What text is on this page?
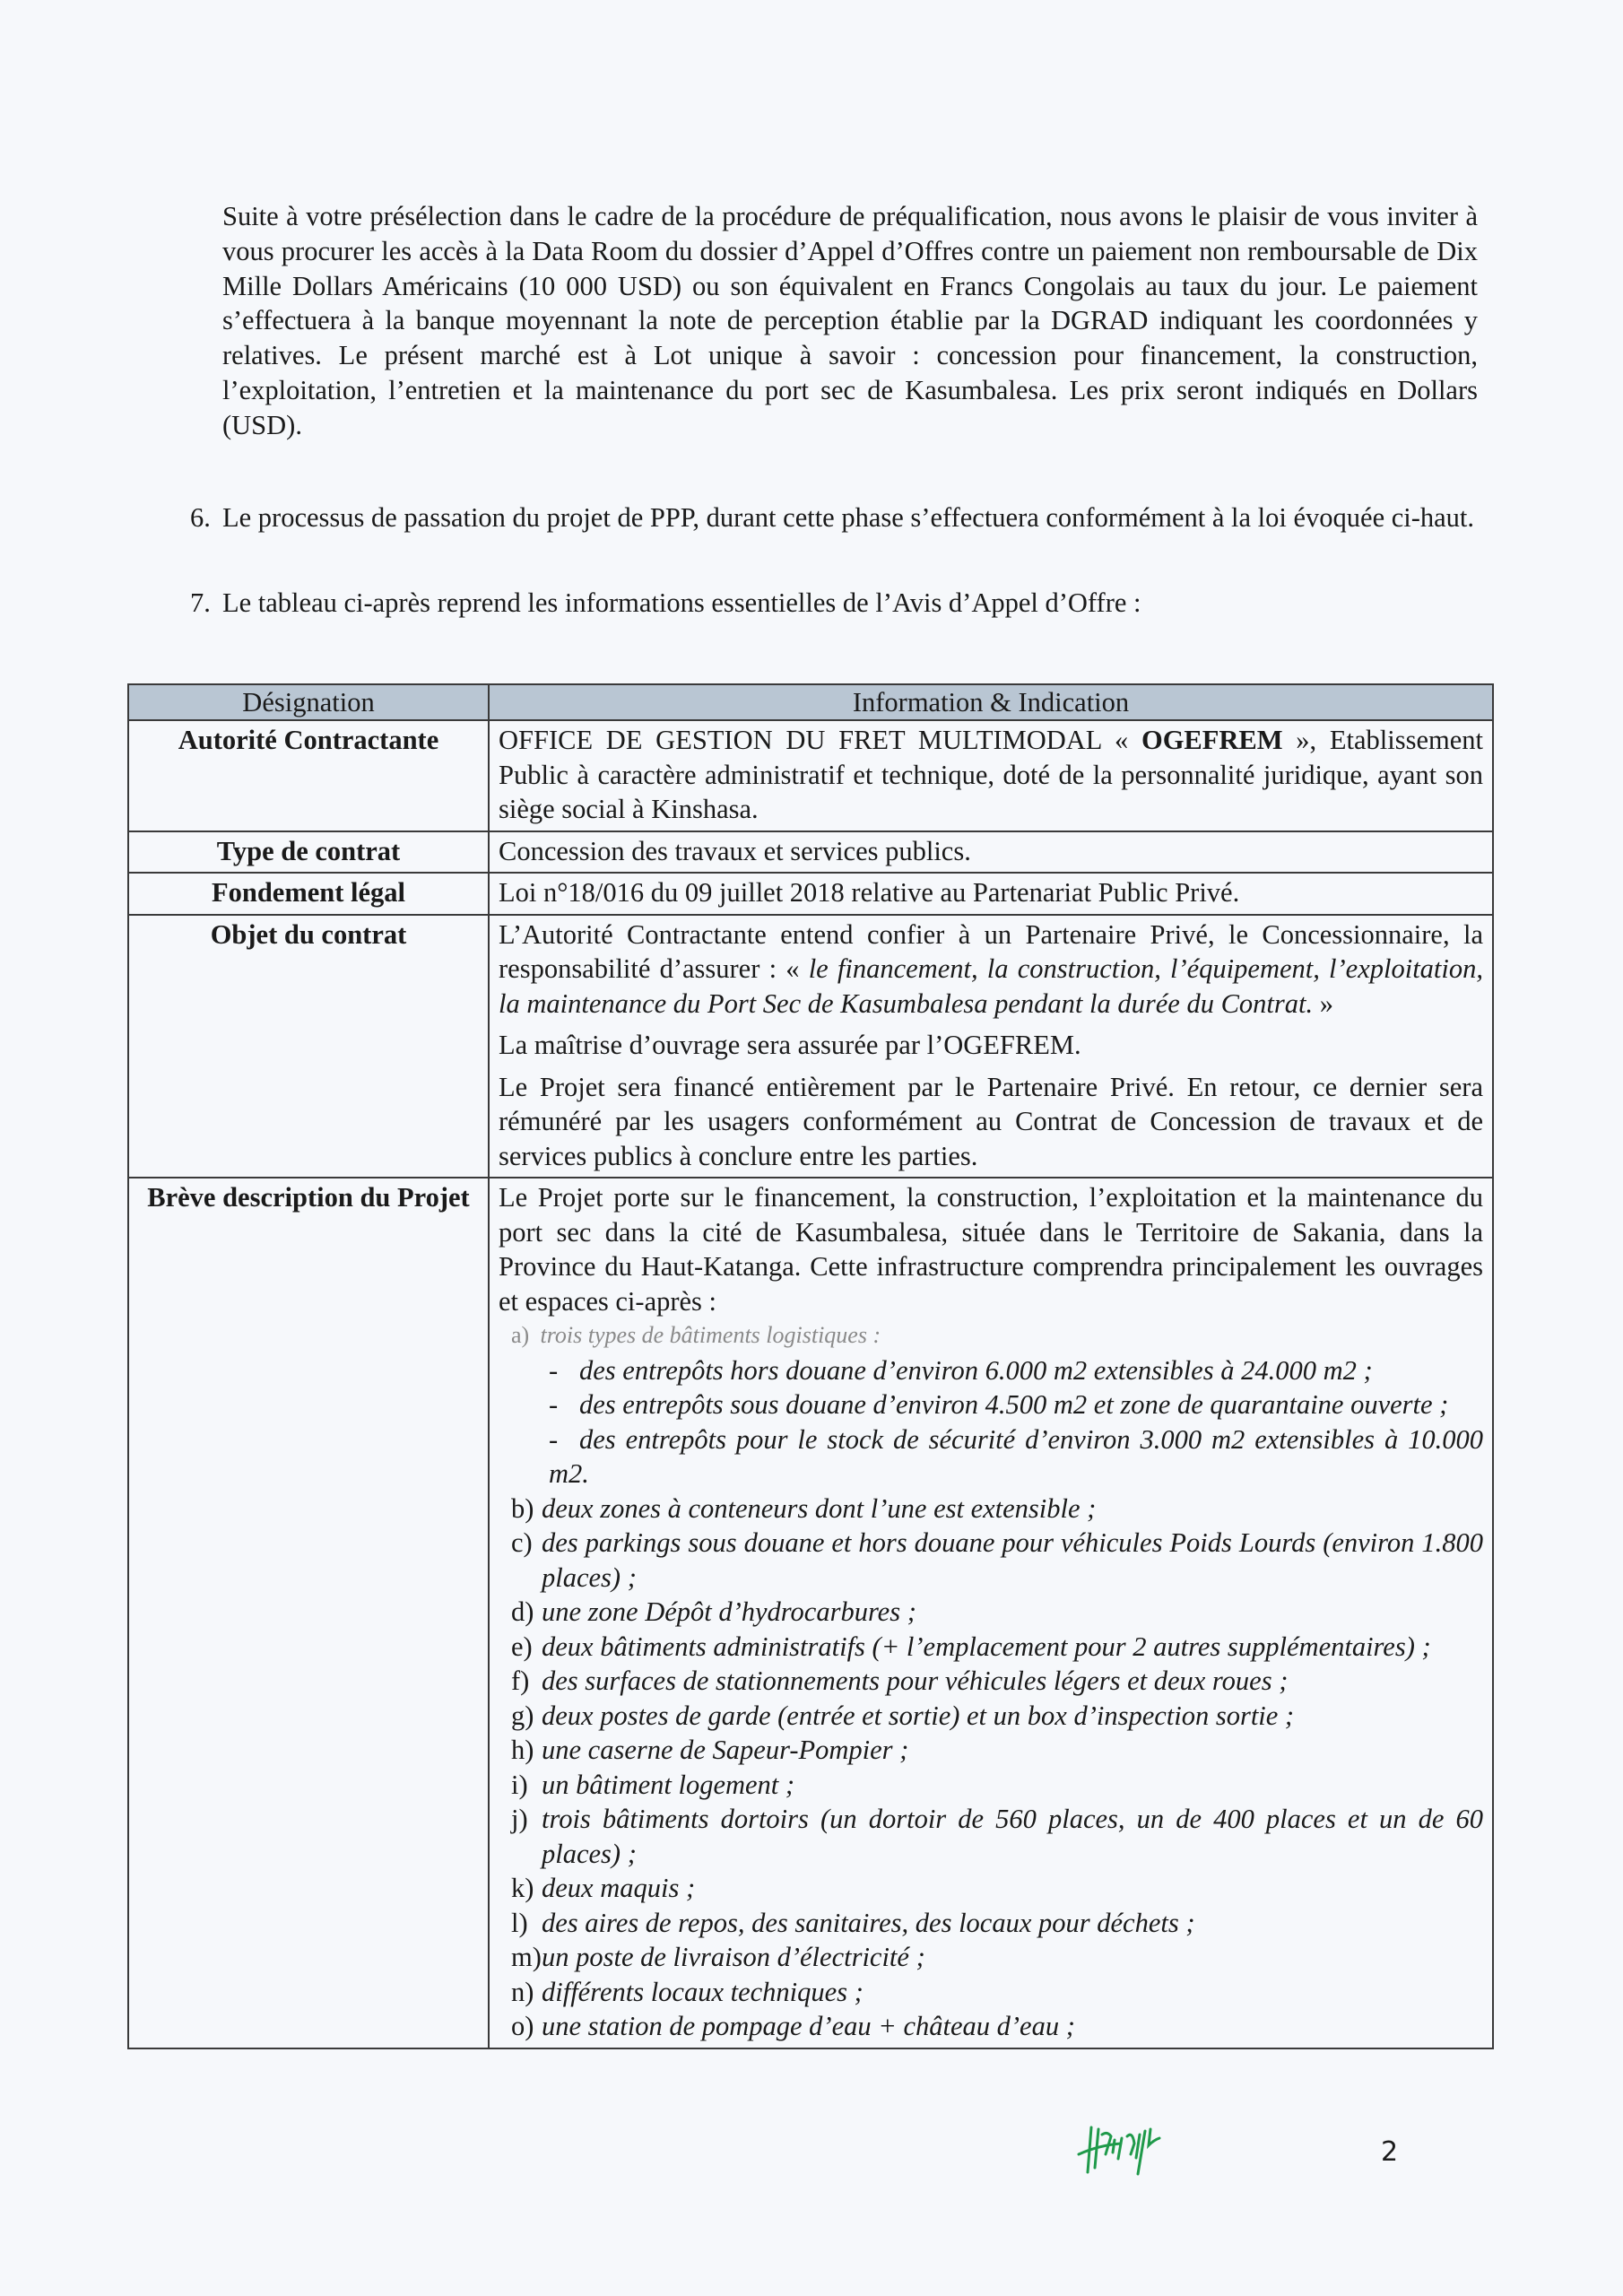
Suite à votre présélection dans le cadre de la procédure de préqualification, nous avons le plaisir de vous inviter à vous procurer les accès à la Data Room du dossier d’Appel d’Offres contre un paiement non remboursable de Dix Mille Dollars Américains (10 000 USD) ou son équivalent en Francs Congolais au taux du jour. Le paiement s’effectuera à la banque moyennant la note de perception établie par la DGRAD indiquant les coordonnées y relatives. Le présent marché est à Lot unique à savoir : concession pour financement, la construction, l’exploitation, l’entretien et la maintenance du port sec de Kasumbalesa. Les prix seront indiqués en Dollars (USD).

6. Le processus de passation du projet de PPP, durant cette phase s’effectuera conformément à la loi évoquée ci-haut.
7. Le tableau ci-après reprend les informations essentielles de l’Avis d’Appel d’Offre :
Désignation	Information & Indication
Autorité Contractante	OFFICE DE GESTION DU FRET MULTIMODAL « OGEFREM », Etablissement Public à caractère administratif et technique, doté de la personnalité juridique, ayant son siège social à Kinshasa.
Type de contrat	Concession des travaux et services publics.
Fondement légal	Loi n°18/016 du 09 juillet 2018 relative au Partenariat Public Privé.
Objet du contrat	L’Autorité Contractante entend confier à un Partenaire Privé, le Concessionnaire, la responsabilité d’assurer : « le financement, la construction, l’équipement, l’exploitation, la maintenance du Port Sec de Kasumbalesa pendant la durée du Contrat. »
La maîtrise d’ouvrage sera assurée par l’OGEFREM.
Le Projet sera financé entièrement par le Partenaire Privé. En retour, ce dernier sera rémunéré par les usagers conformément au Contrat de Concession de travaux et de services publics à conclure entre les parties.

Brève description du Projet	Le Projet porte sur le financement, la construction, l’exploitation et la maintenance du port sec dans la cité de Kasumbalesa, située dans le Territoire de Sakania, dans la Province du Haut-Katanga. Cette infrastructure comprendra principalement les ouvrages et espaces ci-après :
a) trois types de bâtiments logistiques :
- des entrepôts hors douane d’environ 6.000 m2 extensibles à 24.000 m2 ;
- des entrepôts sous douane d’environ 4.500 m2 et zone de quarantaine ouverte ;
- des entrepôts pour le stock de sécurité d’environ 3.000 m2 extensibles à 10.000 m2.
b) deux zones à conteneurs dont l’une est extensible ;
c) des parkings sous douane et hors douane pour véhicules Poids Lourds (environ 1.800 places) ;
d) une zone Dépôt d’hydrocarbures ;
e) deux bâtiments administratifs (+ l’emplacement pour 2 autres supplémentaires) ;
f) des surfaces de stationnements pour véhicules légers et deux roues ;
g) deux postes de garde (entrée et sortie) et un box d’inspection sortie ;
h) une caserne de Sapeur-Pompier ;
i) un bâtiment logement ;
j) trois bâtiments dortoirs (un dortoir de 560 places, un de 400 places et un de 60 places) ;
k) deux maquis ;
l) des aires de repos, des sanitaires, des locaux pour déchets ;
m)un poste de livraison d’électricité ;
n) différents locaux techniques ;
o) une station de pompage d’eau + château d’eau ;
2
